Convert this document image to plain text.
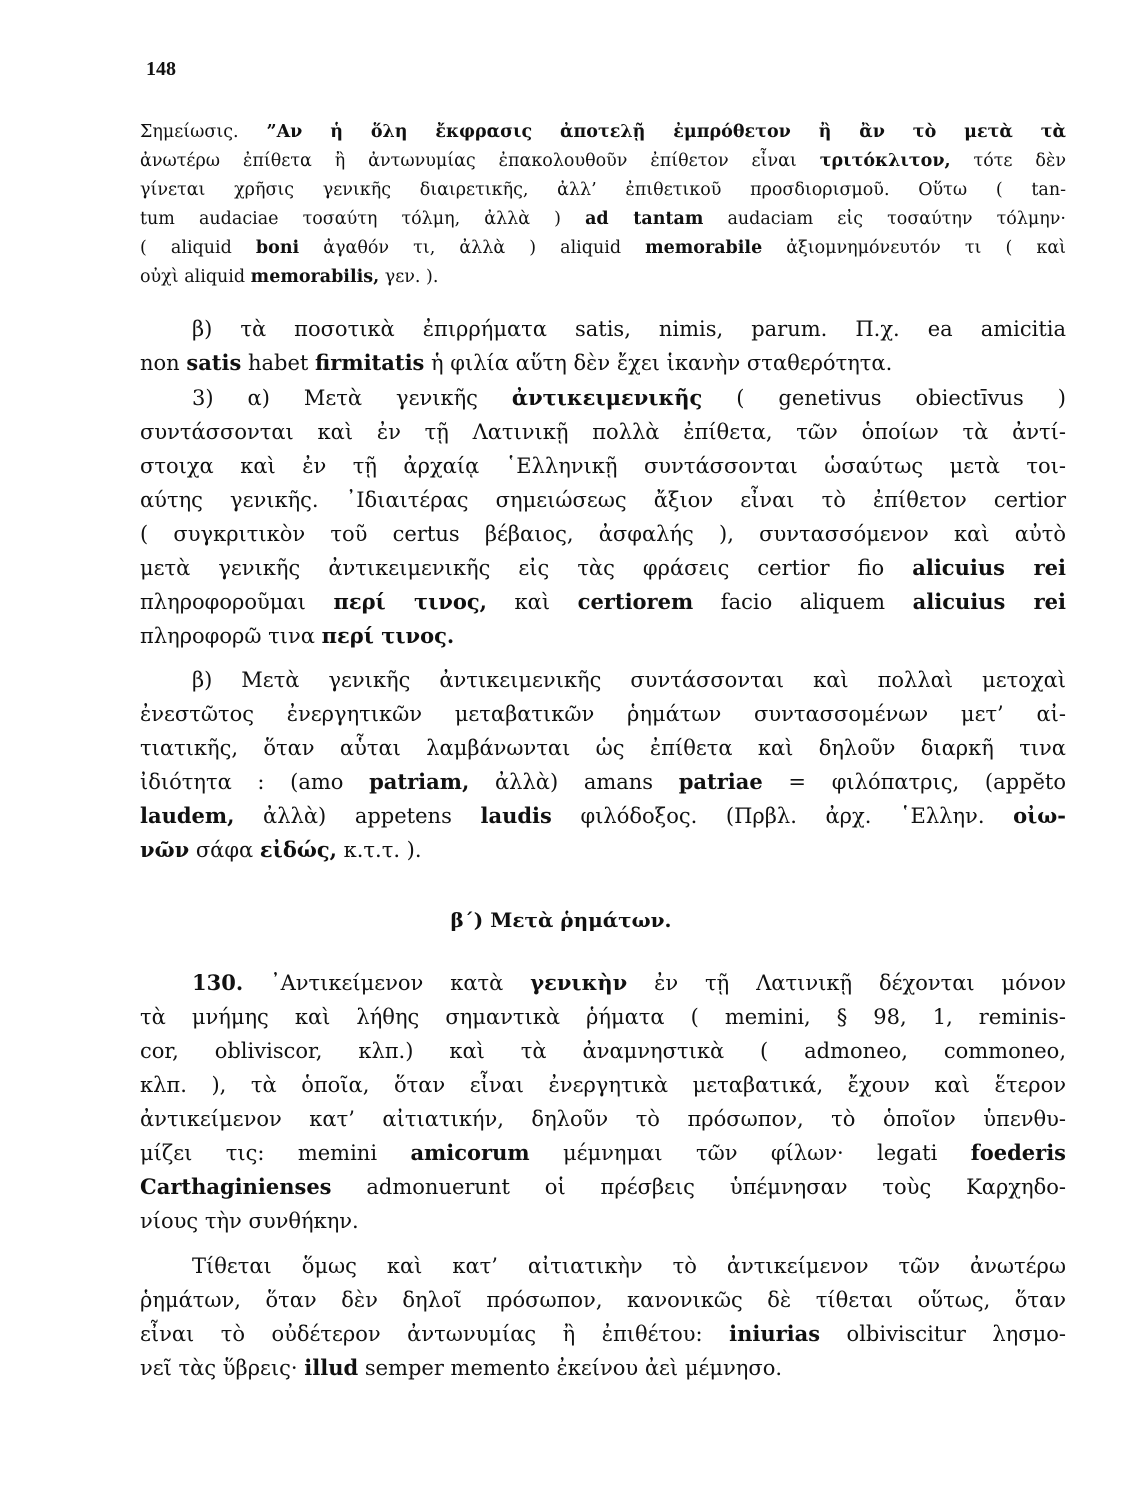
148
Σημείωσις. ”Αν ἡ ὅλη ἔκφρασις ἀποτελῇ ἐμπρόθετον ἢ ἂν τὸ μετὰ τὰ
ἀνωτέρω ἐπίθετα ἢ ἀντωνυμίας ἐπακολουθοῦν ἐπίθετον εἶναι τριτόκλιτον, τότε δὲν
γίνεται χρῆσις γενικῆς διαιρετικῆς, ἀλλ’ ἐπιθετικοῦ προσδιορισμοῦ. Οὕτω ( tan-
tum audaciae τοσαύτη τόλμη, ἀλλὰ ) ad tantam audaciam εἰς τοσαύτην τόλμην·
( aliquid boni ἀγαθόν τι, ἀλλὰ ) aliquid memorabile ἀξιομνημόνευτόν τι ( καὶ
οὐχὶ aliquid memorabilis, γεν. ).
β) τὰ ποσοτικὰ ἐπιρρήματα satis, nimis, parum. Π.χ. ea amicitia
non satis habet firmitatis ἡ φιλία αὕτη δὲν ἔχει ἱκανὴν σταθερότητα.
3) α) Μετὰ γενικῆς ἀντικειμενικῆς ( genetivus obiectīvus )
συντάσσονται καὶ ἐν τῇ Λατινικῇ πολλὰ ἐπίθετα, τῶν ὁποίων τὰ ἀντί-
στοιχα καὶ ἐν τῇ ἀρχαίᾳ ῾Ελληνικῇ συντάσσονται ὡσαύτως μετὰ τοι-
αύτης γενικῆς. ᾿Ιδιαιτέρας σημειώσεως ἄξιον εἶναι τὸ ἐπίθετον certior
( συγκριτικὸν τοῦ certus βέβαιος, ἀσφαλής ), συντασσόμενον καὶ αὐτὸ
μετὰ γενικῆς ἀντικειμενικῆς εἰς τὰς φράσεις certior fio alicuius rei
πληροφοροῦμαι περί τινος, καὶ certiorem facio aliquem alicuius rei
πληροφορῶ τινα περί τινος.
β) Μετὰ γενικῆς ἀντικειμενικῆς συντάσσονται καὶ πολλαὶ μετοχαὶ
ἐνεστῶτος ἐνεργητικῶν μεταβατικῶν ῥημάτων συντασσομένων μετ’ αἰ-
τιατικῆς, ὅταν αὗται λαμβάνωνται ὡς ἐπίθετα καὶ δηλοῦν διαρκῆ τινα
ἰδιότητα : (amo patriam, ἀλλὰ) amans patriae = φιλόπατρις, (appĕto
laudem, ἀλλὰ) appetens laudis φιλόδοξος. (Πρβλ. ἀρχ. ῾Ελλην. οἰω-
νῶν σάφα εἰδώς, κ.τ.τ. ).
β΄) Μετὰ ῥημάτων.
130. ᾿Αντικείμενον κατὰ γενικὴν ἐν τῇ Λατινικῇ δέχονται μόνον
τὰ μνήμης καὶ λήθης σημαντικὰ ῥήματα ( memini, § 98, 1, reminis-
cor, obliviscor, κλπ.) καὶ τὰ ἀναμνηστικὰ ( admoneo, commoneo,
κλπ. ), τὰ ὁποῖα, ὅταν εἶναι ἐνεργητικὰ μεταβατικά, ἔχουν καὶ ἕτερον
ἀντικείμενον κατ’ αἰτιατικήν, δηλοῦν τὸ πρόσωπον, τὸ ὁποῖον ὑπενθυ-
μίζει τις: memini amicorum μέμνημαι τῶν φίλων· legati foederis
Carthaginienses admonuerunt οἱ πρέσβεις ὑπέμνησαν τοὺς Καρχηδο-
νίους τὴν συνθήκην.
Τίθεται ὅμως καὶ κατ’ αἰτιατικὴν τὸ ἀντικείμενον τῶν ἀνωτέρω
ῥημάτων, ὅταν δὲν δηλοῖ πρόσωπον, κανονικῶς δὲ τίθεται οὕτως, ὅταν
εἶναι τὸ οὐδέτερον ἀντωνυμίας ἢ ἐπιθέτου: iniurias olbiviscitur λησμο-
νεῖ τὰς ὕβρεις· illud semper memento ἐκείνου ἀεὶ μέμνησο.
